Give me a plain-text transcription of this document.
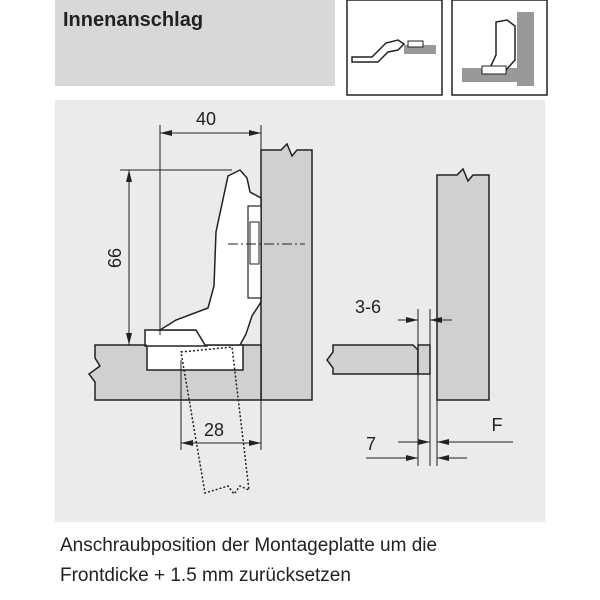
Innenanschlag
40
66
28
3-6
7
F
Anschraubposition der Montageplatte um die
Frontdicke + 1.5 mm zurücksetzen
